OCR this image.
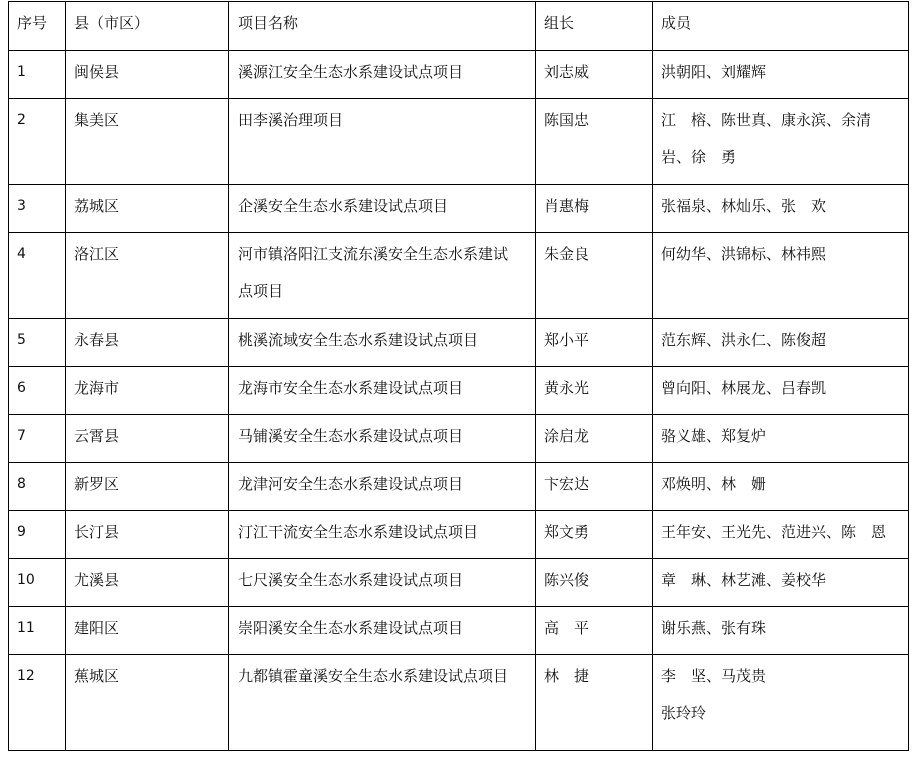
序号	县（市区）	项目名称	组长	成员
1	闽侯县	溪源江安全生态水系建设试点项目	刘志威	洪朝阳、刘耀辉

2	集美区	田李溪治理项目	陈国忠	江　榕、陈世真、康永滨、余清
岩、徐　勇

3	荔城区	企溪安全生态水系建设试点项目	肖惠梅	张福泉、林灿乐、张　欢

4	洛江区	河市镇洛阳江支流东溪安全生态水系建试
点项目	朱金良	何幼华、洪锦标、林祎熙

5	永春县	桃溪流域安全生态水系建设试点项目	郑小平	范东辉、洪永仁、陈俊超

6	龙海市	龙海市安全生态水系建设试点项目	黄永光	曾向阳、林展龙、吕春凯

7	云霄县	马铺溪安全生态水系建设试点项目	涂启龙	骆义雄、郑复炉

8	新罗区	龙津河安全生态水系建设试点项目	卞宏达	邓焕明、林　姗

9	长汀县	汀江干流安全生态水系建设试点项目	郑文勇	王年安、王光先、范进兴、陈　恩

10	尤溪县	七尺溪安全生态水系建设试点项目	陈兴俊	章　琳、林艺滩、姜校华

11	建阳区	崇阳溪安全生态水系建设试点项目	高　平	谢乐燕、张有珠

12	蕉城区	九都镇霍童溪安全生态水系建设试点项目	林　捷	李　坚、马茂贵
张玲玲
